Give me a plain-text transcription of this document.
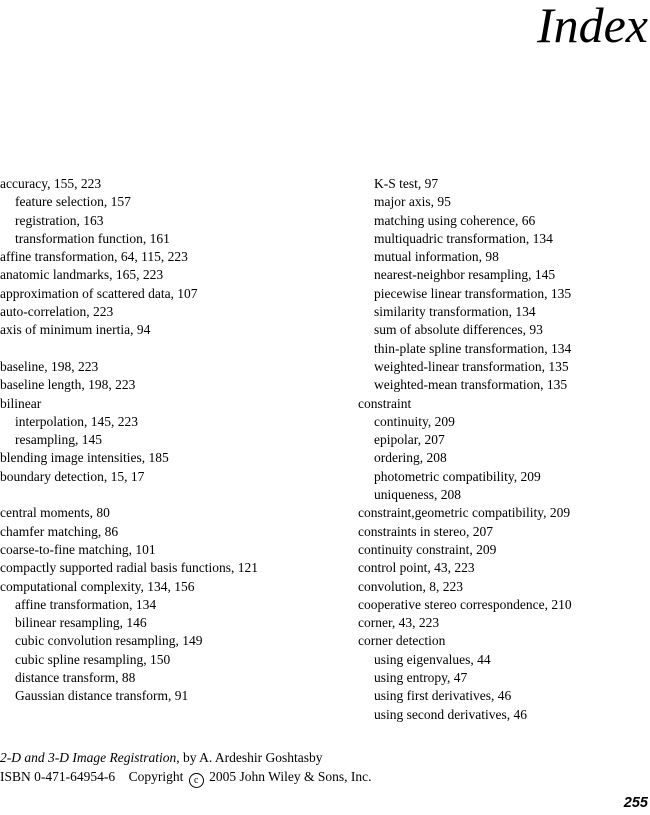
Index
accuracy, 155, 223
feature selection, 157
registration, 163
transformation function, 161
affine transformation, 64, 115, 223
anatomic landmarks, 165, 223
approximation of scattered data, 107
auto-correlation, 223
axis of minimum inertia, 94
baseline, 198, 223
baseline length, 198, 223
bilinear
interpolation, 145, 223
resampling, 145
blending image intensities, 185
boundary detection, 15, 17
central moments, 80
chamfer matching, 86
coarse-to-fine matching, 101
compactly supported radial basis functions, 121
computational complexity, 134, 156
affine transformation, 134
bilinear resampling, 146
cubic convolution resampling, 149
cubic spline resampling, 150
distance transform, 88
Gaussian distance transform, 91
K-S test, 97
major axis, 95
matching using coherence, 66
multiquadric transformation, 134
mutual information, 98
nearest-neighbor resampling, 145
piecewise linear transformation, 135
similarity transformation, 134
sum of absolute differences, 93
thin-plate spline transformation, 134
weighted-linear transformation, 135
weighted-mean transformation, 135
constraint
continuity, 209
epipolar, 207
ordering, 208
photometric compatibility, 209
uniqueness, 208
constraint,geometric compatibility, 209
constraints in stereo, 207
continuity constraint, 209
control point, 43, 223
convolution, 8, 223
cooperative stereo correspondence, 210
corner, 43, 223
corner detection
using eigenvalues, 44
using entropy, 47
using first derivatives, 46
using second derivatives, 46
2-D and 3-D Image Registration, by A. Ardeshir Goshtasby
ISBN 0-471-64954-6 Copyright c 2005 John Wiley & Sons, Inc.
255
